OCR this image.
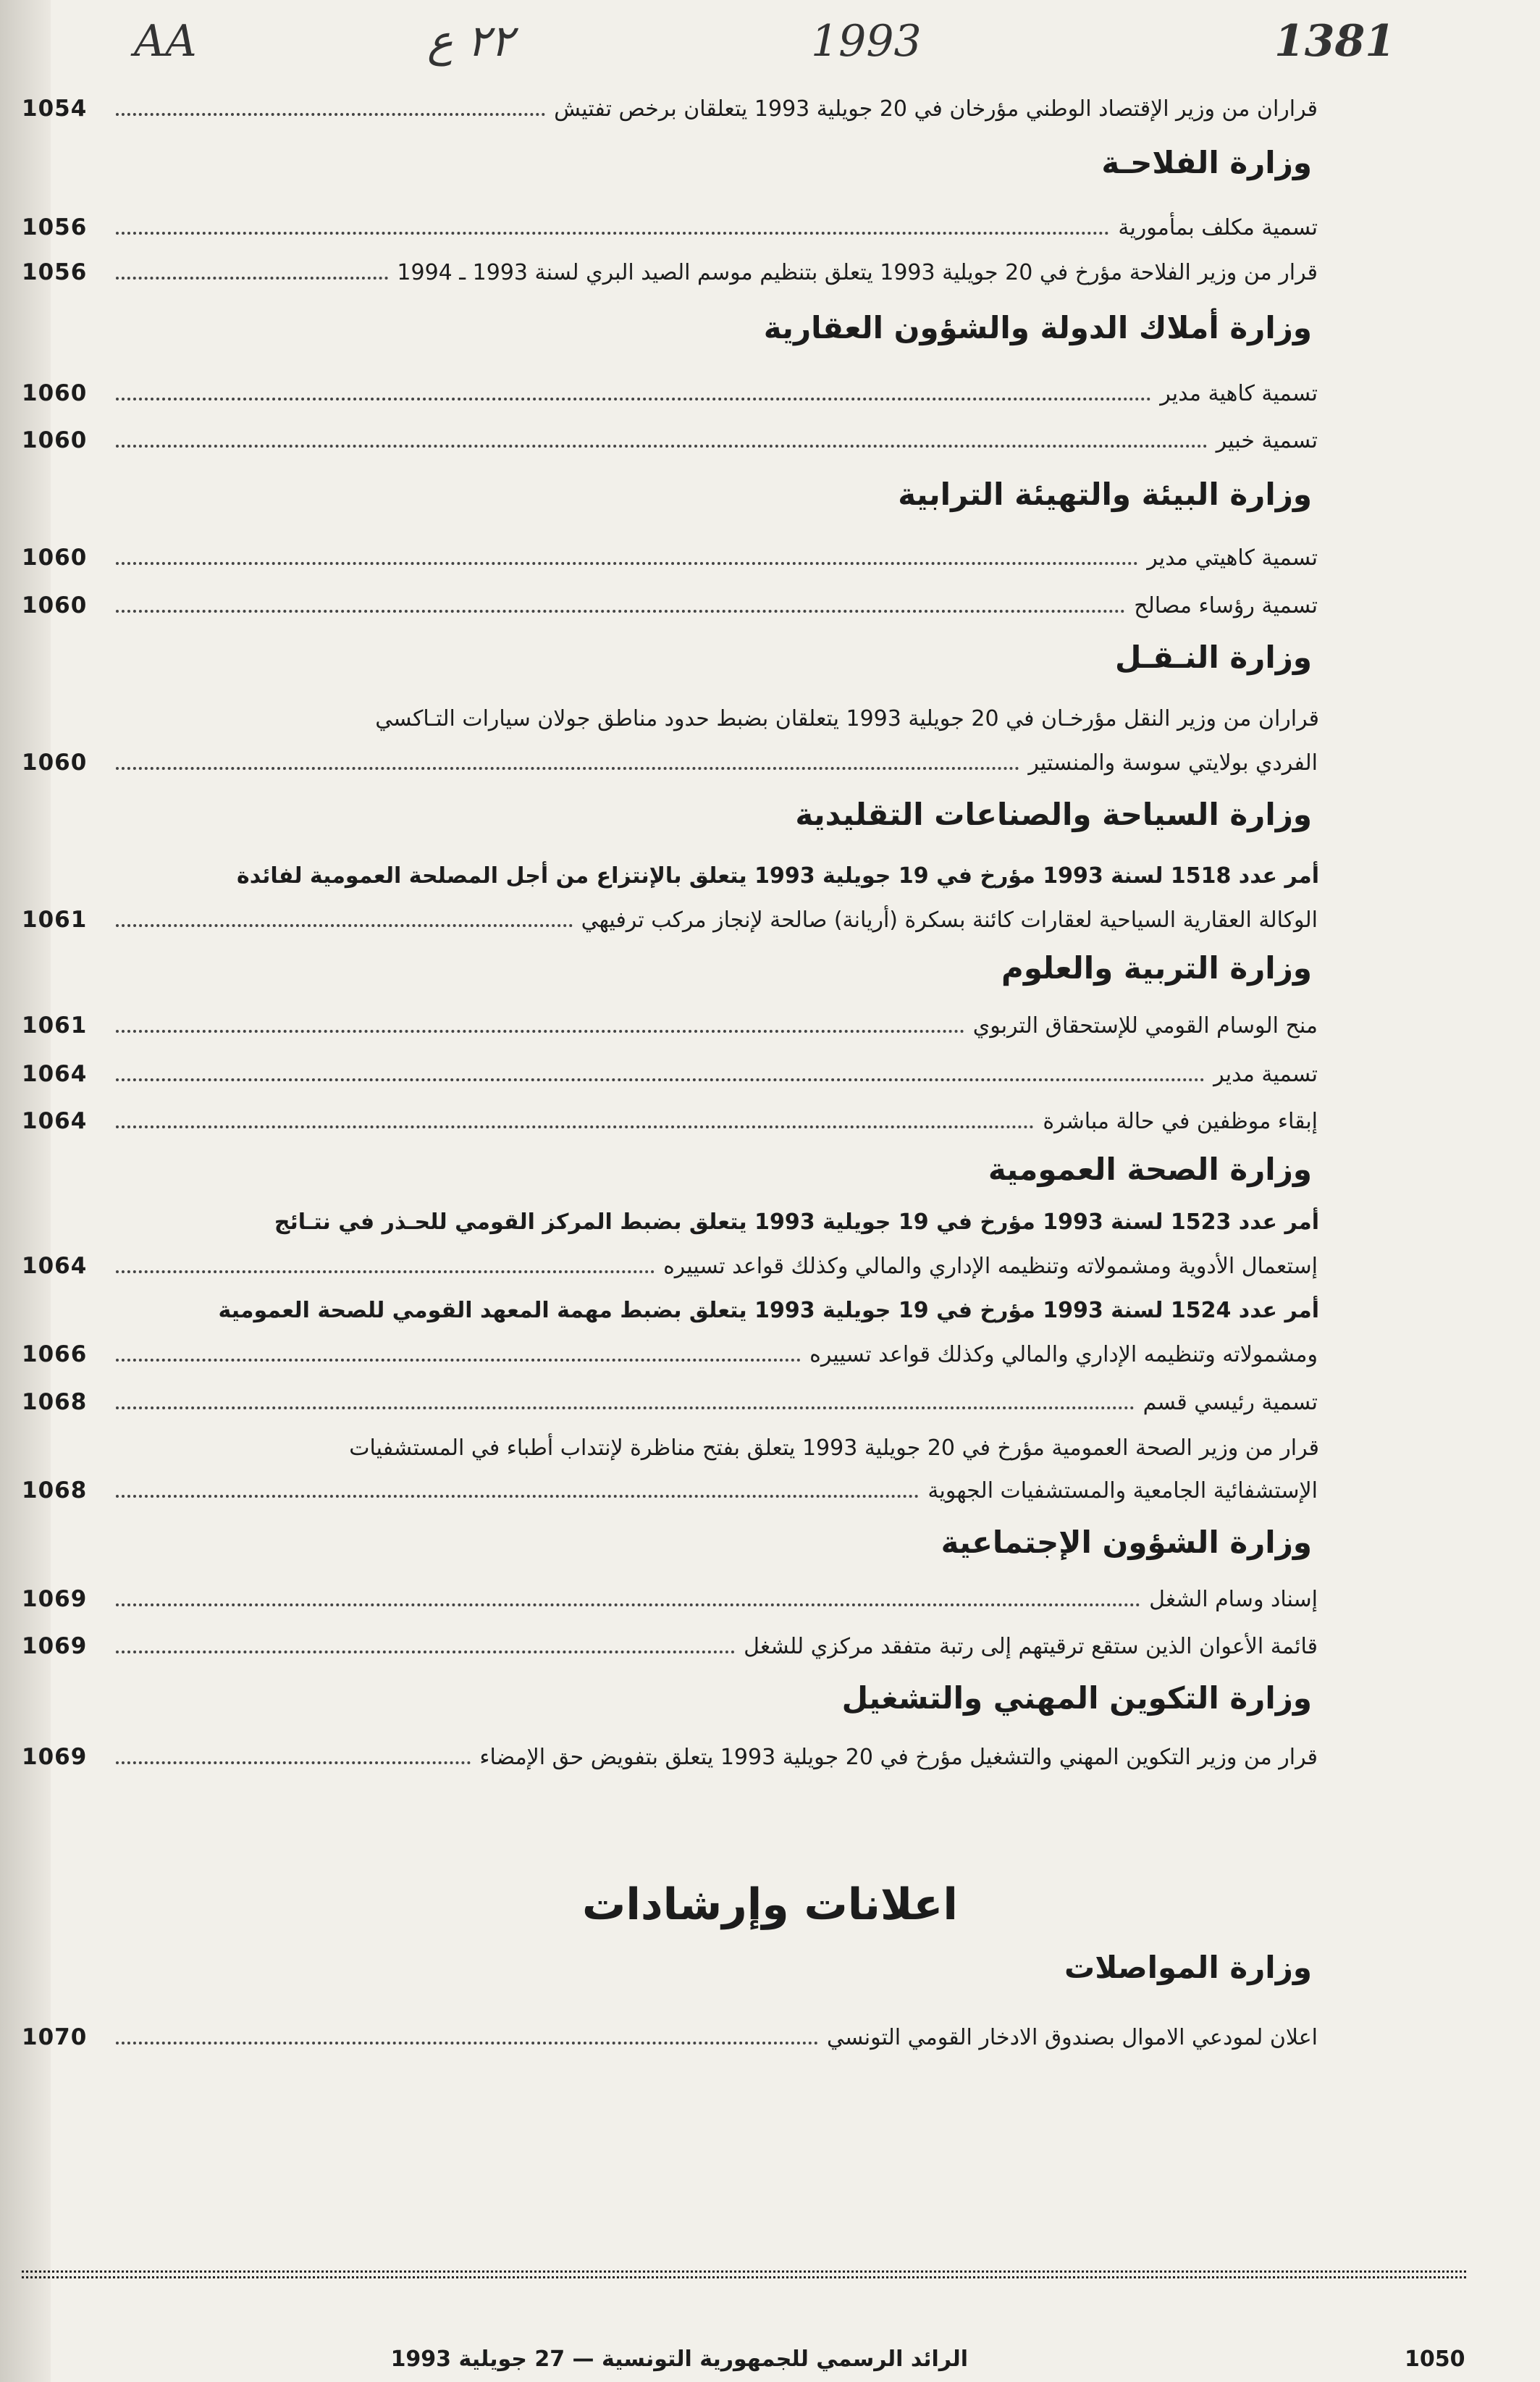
AA	٢٢ ع	1993	1381
1054	قراران من وزير الإقتصاد الوطني مؤرخان في 20 جويلية 1993 يتعلقان برخص تفتيش
وزارة الفلاحـة
1056	تسمية مكلف بمأمورية
1056	قرار من وزير الفلاحة مؤرخ في 20 جويلية 1993 يتعلق بتنظيم موسم الصيد البري لسنة 1993 ـ 1994
وزارة أملاك الدولة والشؤون العقارية
1060	تسمية كاهية مدير
1060	تسمية خبير
وزارة البيئة والتهيئة الترابية
1060	تسمية كاهيتي مدير
1060	تسمية رؤساء مصالح
وزارة النـقـل
قراران من وزير النقل مؤرخـان في 20 جويلية 1993 يتعلقان بضبط حدود مناطق جولان سيارات التـاكسي
1060	الفردي بولايتي سوسة والمنستير
وزارة السياحة والصناعات التقليدية
أمر عدد 1518 لسنة 1993 مؤرخ في 19 جويلية 1993 يتعلق بالإنتزاع من أجل المصلحة العمومية لفائدة
1061	الوكالة العقارية السياحية لعقارات كائنة بسكرة (أريانة) صالحة لإنجاز مركب ترفيهي
وزارة التربية والعلوم
1061	منح الوسام القومي للإستحقاق التربوي
1064	تسمية مدير
1064	إبقاء موظفين في حالة مباشرة
وزارة الصحة العمومية
أمر عدد 1523 لسنة 1993 مؤرخ في 19 جويلية 1993 يتعلق بضبط المركز القومي للحـذر في نتـائج
1064	إستعمال الأدوية ومشمولاته وتنظيمه الإداري والمالي وكذلك قواعد تسييره
أمر عدد 1524 لسنة 1993 مؤرخ في 19 جويلية 1993 يتعلق بضبط مهمة المعهد القومي للصحة العمومية
1066	ومشمولاته وتنظيمه الإداري والمالي وكذلك قواعد تسييره
1068	تسمية رئيسي قسم
قرار من وزير الصحة العمومية مؤرخ في 20 جويلية 1993 يتعلق بفتح مناظرة لإنتداب أطباء في المستشفيات
1068	الإستشفائية الجامعية والمستشفيات الجهوية
وزارة الشؤون الإجتماعية
1069	إسناد وسام الشغل
1069	قائمة الأعوان الذين ستقع ترقيتهم إلى رتبة متفقد مركزي للشغل
وزارة التكوين المهني والتشغيل
1069	قرار من وزير التكوين المهني والتشغيل مؤرخ في 20 جويلية 1993 يتعلق بتفويض حق الإمضاء
اعلانات وإرشادات
وزارة المواصلات
1070	اعلان لمودعي الاموال بصندوق الادخار القومي التونسي
1050
الرائد الرسمي للجمهورية التونسية — 27 جويلية 1993
